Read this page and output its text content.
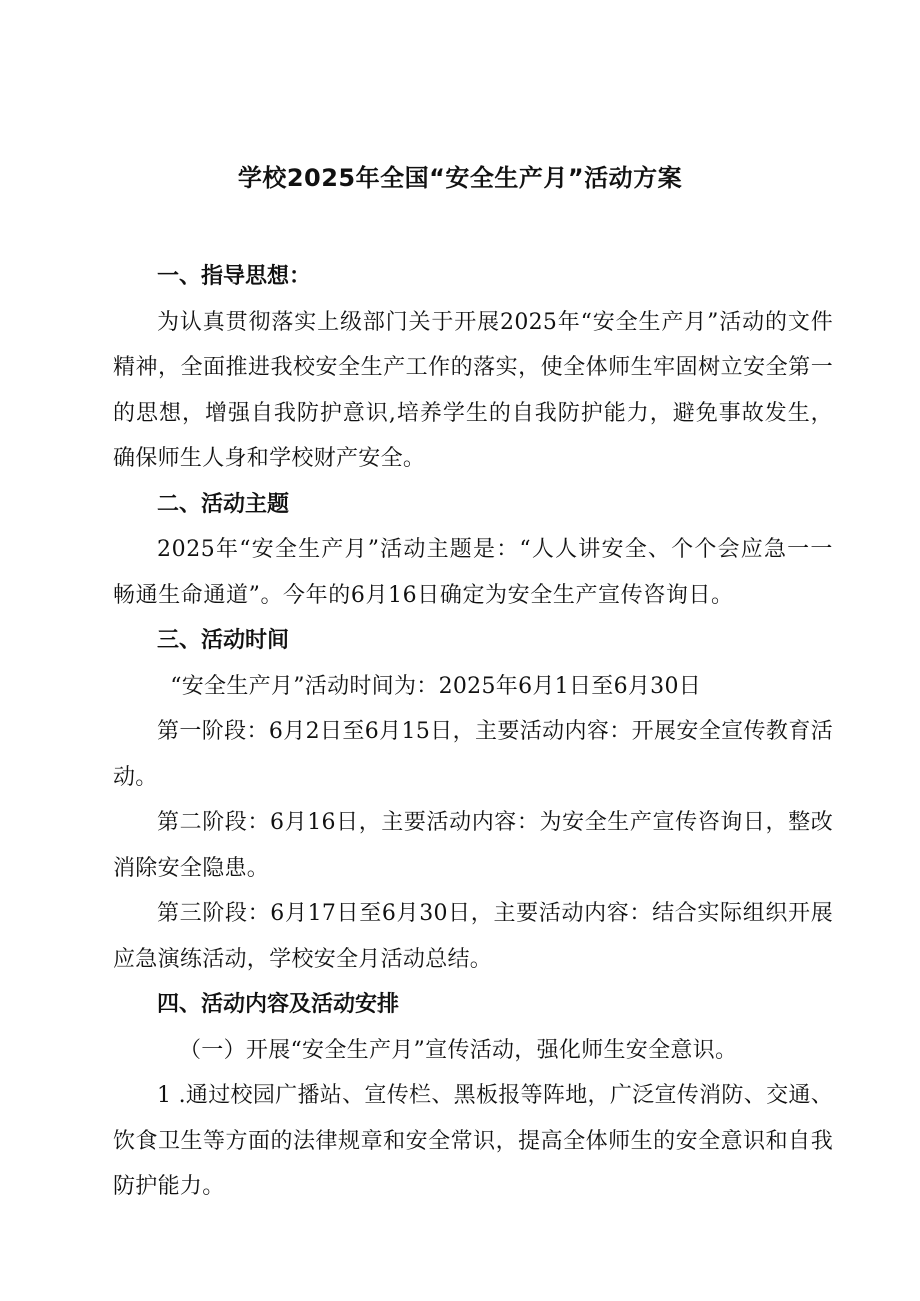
学校2025年全国“安全生产月”活动方案

一、指导思想：

为认真贯彻落实上级部门关于开展2025年“安全生产月”活动的文件精神，全面推进我校安全生产工作的落实，使全体师生牢固树立安全第一的思想，增强自我防护意识,培养学生的自我防护能力，避免事故发生，确保师生人身和学校财产安全。

二、活动主题

2025年“安全生产月”活动主题是：“人人讲安全、个个会应急一一畅通生命通道”。今年的6月16日确定为安全生产宣传咨询日。

三、活动时间

“安全生产月”活动时间为：2025年6月1日至6月30日

第一阶段：6月2日至6月15日，主要活动内容：开展安全宣传教育活动。

第二阶段：6月16日，主要活动内容：为安全生产宣传咨询日，整改消除安全隐患。

第三阶段：6月17日至6月30日，主要活动内容：结合实际组织开展应急演练活动，学校安全月活动总结。

四、活动内容及活动安排

（一）开展“安全生产月”宣传活动，强化师生安全意识。

1 .通过校园广播站、宣传栏、黑板报等阵地，广泛宣传消防、交通、饮食卫生等方面的法律规章和安全常识，提高全体师生的安全意识和自我防护能力。
